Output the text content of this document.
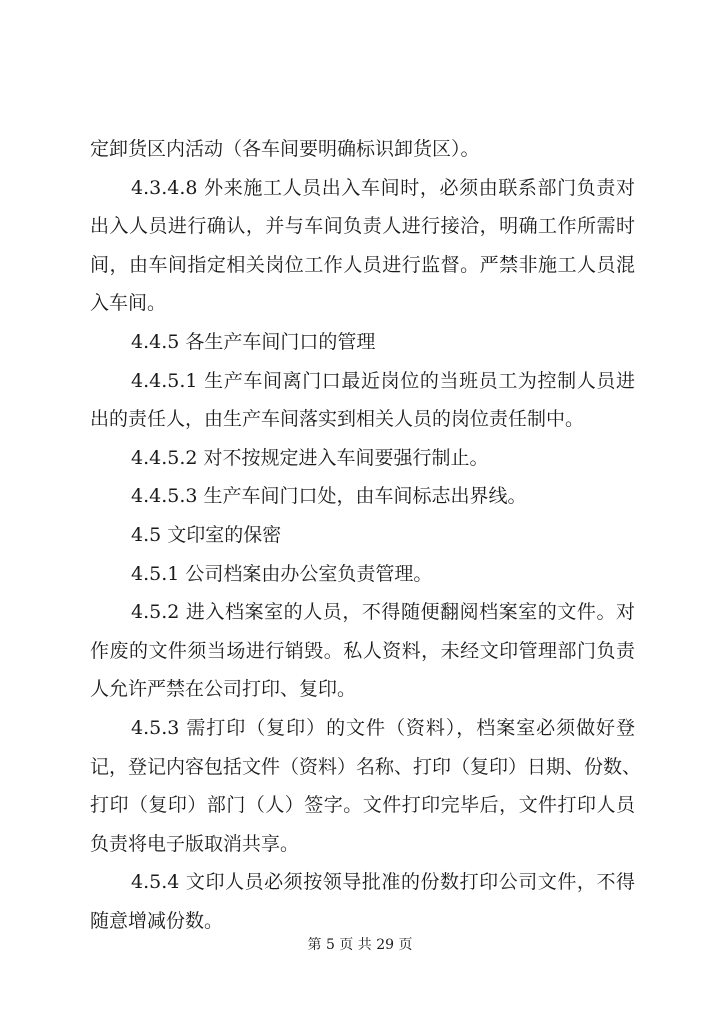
定卸货区内活动（各车间要明确标识卸货区）。
4.3.4.8 外来施工人员出入车间时，必须由联系部门负责对
出入人员进行确认，并与车间负责人进行接洽，明确工作所需时
间，由车间指定相关岗位工作人员进行监督。严禁非施工人员混
入车间。
4.4.5 各生产车间门口的管理
4.4.5.1 生产车间离门口最近岗位的当班员工为控制人员进
出的责任人，由生产车间落实到相关人员的岗位责任制中。
4.4.5.2 对不按规定进入车间要强行制止。
4.4.5.3 生产车间门口处，由车间标志出界线。
4.5 文印室的保密
4.5.1 公司档案由办公室负责管理。
4.5.2 进入档案室的人员，不得随便翻阅档案室的文件。对
作废的文件须当场进行销毁。私人资料，未经文印管理部门负责
人允许严禁在公司打印、复印。
4.5.3 需打印（复印）的文件（资料），档案室必须做好登
记，登记内容包括文件（资料）名称、打印（复印）日期、份数、
打印（复印）部门（人）签字。文件打印完毕后，文件打印人员
负责将电子版取消共享。
4.5.4 文印人员必须按领导批准的份数打印公司文件，不得
随意增减份数。
第 5 页 共 29 页
